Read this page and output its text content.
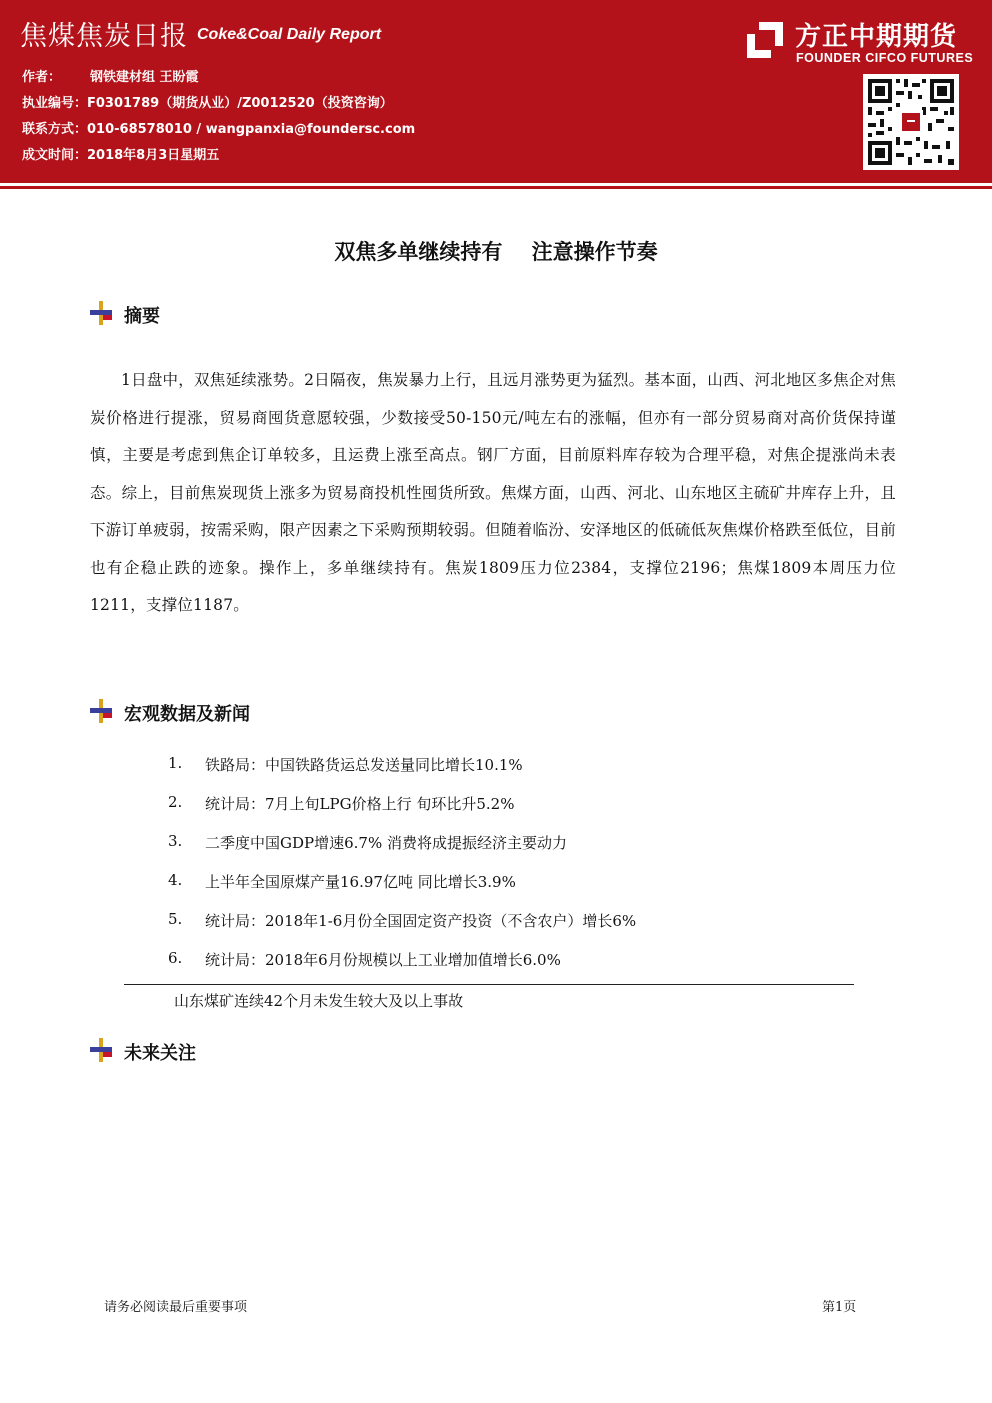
焦煤焦炭日报 Coke&Coal Daily Report
作者： 钢铁建材组 王盼霞
执业编号：F0301789（期货从业）/Z0012520（投资咨询）
联系方式：010-68578010 / wangpanxia@foundersc.com
成文时间：2018年8月3日星期五
方正中期期货
FOUNDER CIFCO FUTURES
双焦多单继续持有    注意操作节奏
摘要
1日盘中，双焦延续涨势。2日隔夜，焦炭暴力上行，且远月涨势更为猛烈。基本面，山西、河北地区多焦企对焦炭价格进行提涨，贸易商囤货意愿较强，少数接受50-150元/吨左右的涨幅，但亦有一部分贸易商对高价货保持谨慎，主要是考虑到焦企订单较多，且运费上涨至高点。钢厂方面，目前原料库存较为合理平稳，对焦企提涨尚未表态。综上，目前焦炭现货上涨多为贸易商投机性囤货所致。焦煤方面，山西、河北、山东地区主硫矿井库存上升，且下游订单疲弱，按需采购，限产因素之下采购预期较弱。但随着临汾、安泽地区的低硫低灰焦煤价格跌至低位，目前也有企稳止跌的迹象。操作上，多单继续持有。焦炭1809压力位2384，支撑位2196；焦煤1809本周压力位1211，支撑位1187。
宏观数据及新闻
1. 铁路局：中国铁路货运总发送量同比增长10.1%
2. 统计局：7月上旬LPG价格上行 旬环比升5.2%
3. 二季度中国GDP增速6.7% 消费将成提振经济主要动力
4. 上半年全国原煤产量16.97亿吨 同比增长3.9%
5. 统计局：2018年1-6月份全国固定资产投资（不含农户）增长6%
6. 统计局：2018年6月份规模以上工业增加值增长6.0%
山东煤矿连续42个月未发生较大及以上事故
未来关注
请务必阅读最后重要事项	第1页
